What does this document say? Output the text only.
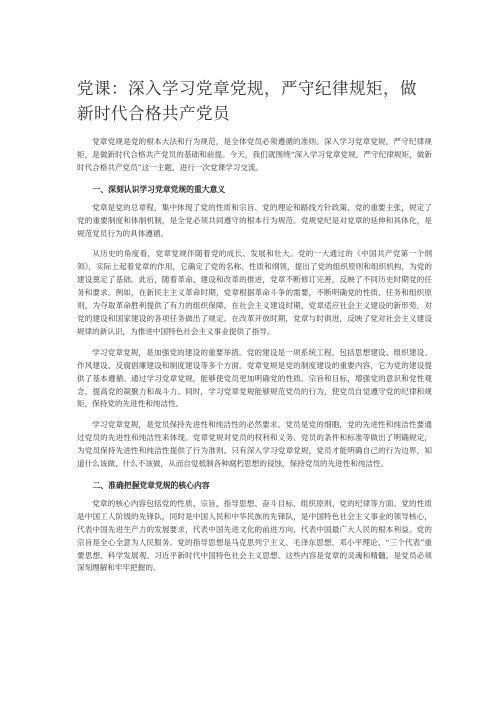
党课：深入学习党章党规，严守纪律规矩，做新时代合格共产党员

党章党规是党的根本大法和行为规范，是全体党员必须遵循的准则。深入学习党章党规，严守纪律规矩，是做新时代合格共产党员的基础和前提。今天，我们就围绕“深入学习党章党规，严守纪律规矩，做新时代合格共产党员”这一主题，进行一次党课学习交流。

一、深刻认识学习党章党规的重大意义

党章是党的总章程，集中体现了党的性质和宗旨、党的理论和路线方针政策、党的重要主张，规定了党的重要制度和体制机制，是全党必须共同遵守的根本行为规范。党规党纪是对党章的延伸和具体化，是规范党员行为的具体遵循。

从历史的角度看，党章党规伴随着党的成长、发展和壮大。党的一大通过的《中国共产党第一个纲领》，实际上起着党章的作用，它确定了党的名称、性质和纲领，提出了党的组织原则和组织机构，为党的建设奠定了基础。此后，随着革命、建设和改革的推进，党章不断修订完善，反映了不同历史时期党的任务和要求。例如，在新民主主义革命时期，党章根据革命斗争的需要，不断明确党的性质、任务和组织原则，为夺取革命胜利提供了有力的组织保障。在社会主义建设时期，党章适应社会主义建设的新形势，对党的建设和国家建设的各项任务做出了规定。在改革开放时期，党章与时俱进，反映了党对社会主义建设规律的新认识，为推进中国特色社会主义事业提供了指导。

学习党章党规，是加强党的建设的重要举措。党的建设是一项系统工程，包括思想建设、组织建设、作风建设、反腐倡廉建设和制度建设等多个方面。党章党规是党的制度建设的重要内容，它为党的建设提供了基本遵循。通过学习党章党规，能够使党员更加明确党的性质、宗旨和目标，增强党的意识和党性观念，提高党的凝聚力和战斗力。同时，学习党章党规能够规范党员的行为，使党员自觉遵守党的纪律和规矩，保持党的先进性和纯洁性。

学习党章党规，是党员保持先进性和纯洁性的必然要求。党员是党的细胞，党的先进性和纯洁性要通过党员的先进性和纯洁性来体现。党章党规对党员的权利和义务、党员的条件和标准等做出了明确规定，为党员保持先进性和纯洁性提供了行为准则。只有深入学习党章党规，党员才能明确自己的行为边界，知道什么该做、什么不该做，从而自觉抵制各种腐朽思想的侵蚀，保持党员的先进性和纯洁性。

二、准确把握党章党规的核心内容

党章的核心内容包括党的性质、宗旨、指导思想、奋斗目标、组织原则、党的纪律等方面。党的性质是中国工人阶级的先锋队，同时是中国人民和中华民族的先锋队，是中国特色社会主义事业的领导核心，代表中国先进生产力的发展要求，代表中国先进文化的前进方向，代表中国最广大人民的根本利益。党的宗旨是全心全意为人民服务。党的指导思想是马克思列宁主义、毛泽东思想、邓小平理论、“三个代表”重要思想、科学发展观、习近平新时代中国特色社会主义思想。这些内容是党章的灵魂和精髓，是党员必须深刻理解和牢牢把握的。
